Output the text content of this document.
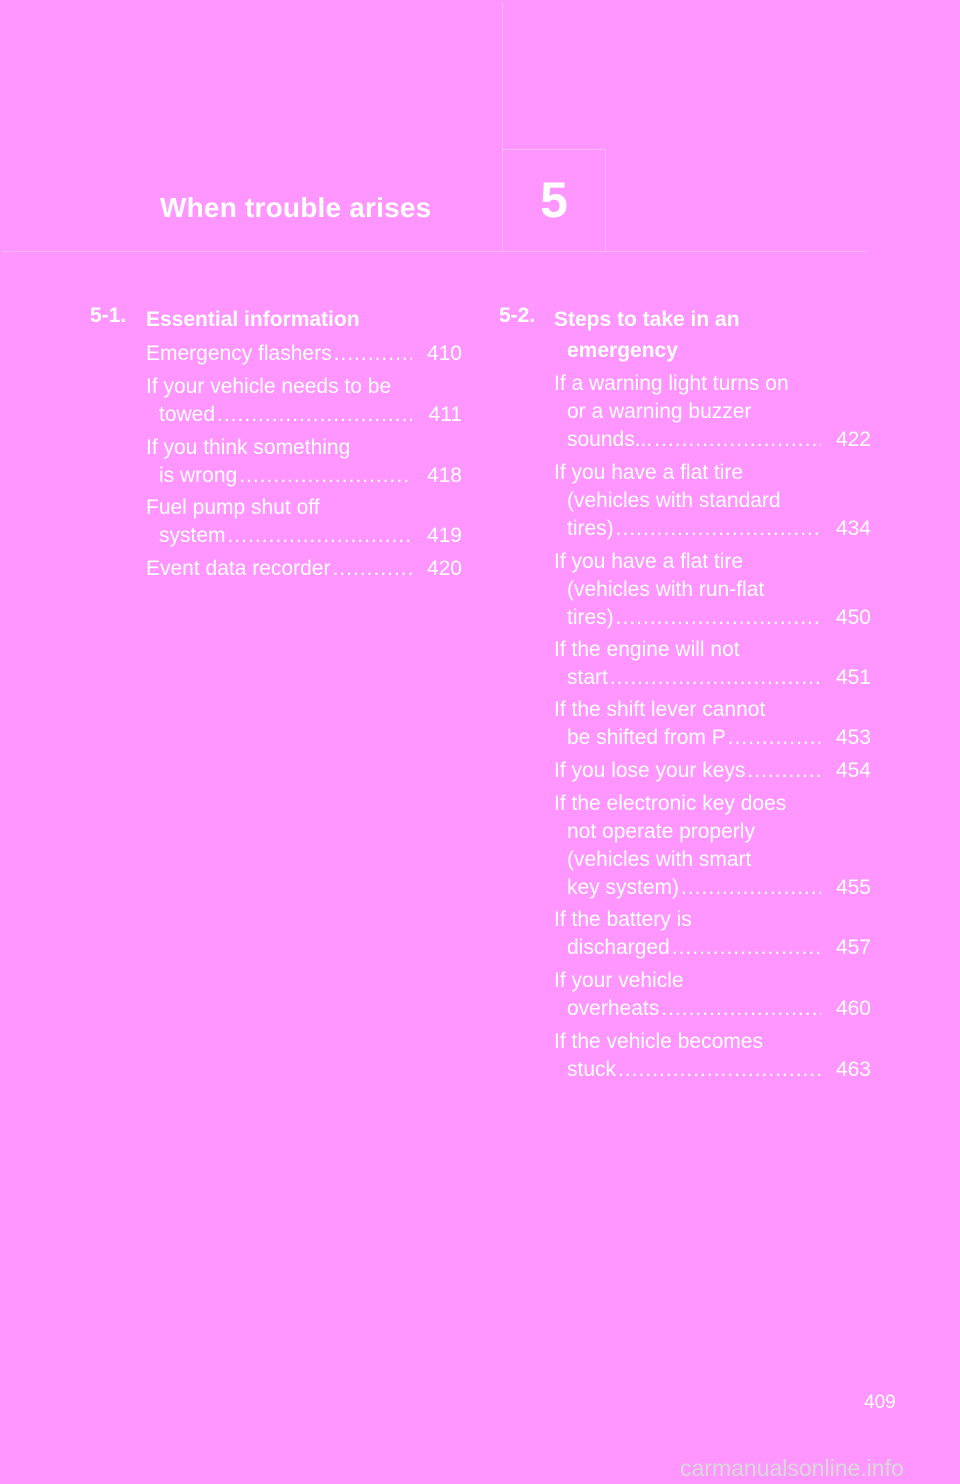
When trouble arises	5
5-1. Essential information
Emergency flashers .....	410
If your vehicle needs to be
towed .....	411
If you think something
is wrong .....	418
Fuel pump shut off
system .....	419
Event data recorder .....	420
5-2. Steps to take in an
emergency
If a warning light turns on
or a warning buzzer
sounds... .....	422
If you have a flat tire
(vehicles with standard
tires) .....	434
If you have a flat tire
(vehicles with run-flat
tires) .....	450
If the engine will not
start .....	451
If the shift lever cannot
be shifted from P .....	453
If you lose your keys .....	454
If the electronic key does
not operate properly
(vehicles with smart
key system) .....	455
If the battery is
discharged .....	457
If your vehicle
overheats .....	460
If the vehicle becomes
stuck .....	463
409
carmanualsonline.info
